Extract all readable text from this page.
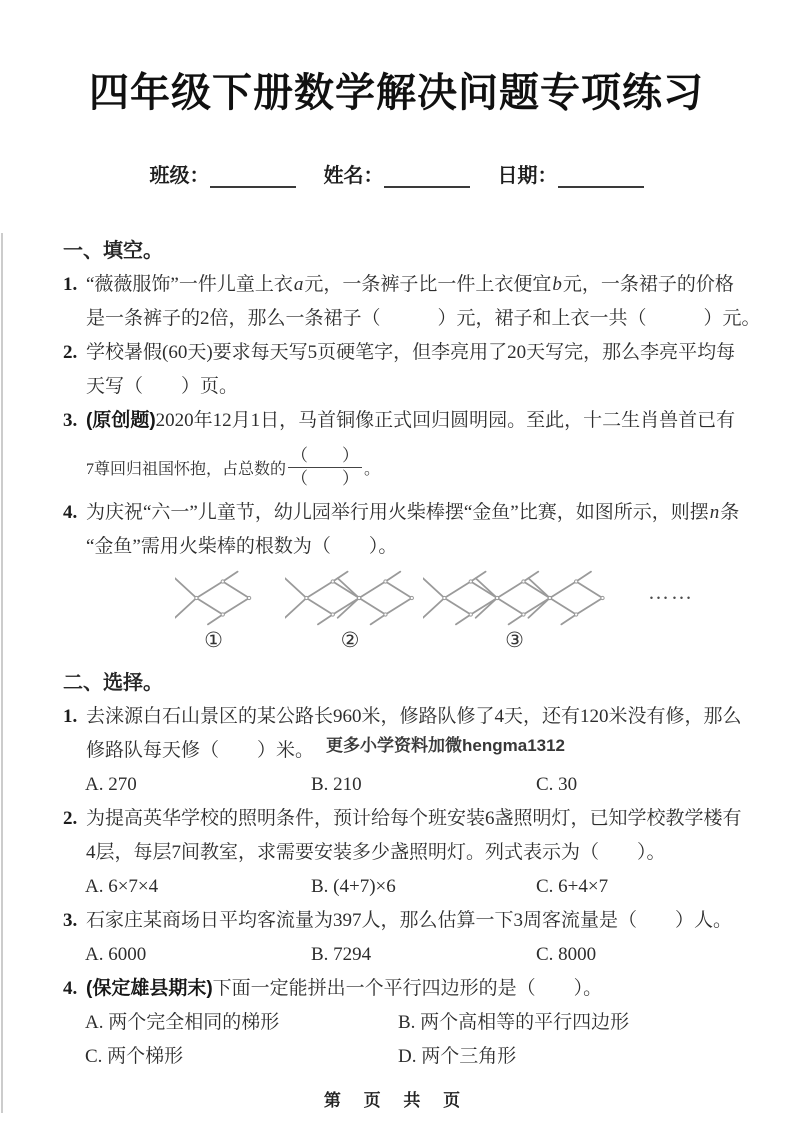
四年级下册数学解决问题专项练习
班级：	姓名：	日期：
一、填空。
1. “薇薇服饰”一件儿童上衣a元，一条裤子比一件上衣便宜b元，一条裙子的价格
是一条裤子的2倍，那么一条裙子（　　　）元，裙子和上衣一共（　　　）元。
2. 学校暑假(60天)要求每天写5页硬笔字，但李亮用了20天写完，那么李亮平均每
天写（　　）页。
3. (原创题)2020年12月1日，马首铜像正式回归圆明园。至此，十二生肖兽首已有
7尊回归祖国怀抱，占总数的 $\frac{( )}{( )}$ 。
4. 为庆祝“六一”儿童节，幼儿园举行用火柴棒摆“金鱼”比赛，如图所示，则摆n条
“金鱼”需用火柴棒的根数为（　　）。
……
①	②	③
二、选择。
1. 去涞源白石山景区的某公路长960米，修路队修了4天，还有120米没有修，那么
修路队每天修（　　）米。 更多小学资料加微hengma1312
A. 270	B. 210	C. 30
2. 为提高英华学校的照明条件，预计给每个班安装6盏照明灯，已知学校教学楼有
4层，每层7间教室，求需要安装多少盏照明灯。列式表示为（　　）。
A. 6×7×4	B. (4+7)×6	C. 6+4×7
3. 石家庄某商场日平均客流量为397人，那么估算一下3周客流量是（　　）人。
A. 6000	B. 7294	C. 8000
4. (保定雄县期末)下面一定能拼出一个平行四边形的是（　　）。
A. 两个完全相同的梯形	B. 两个高相等的平行四边形
C. 两个梯形	D. 两个三角形
第 页 共 页
